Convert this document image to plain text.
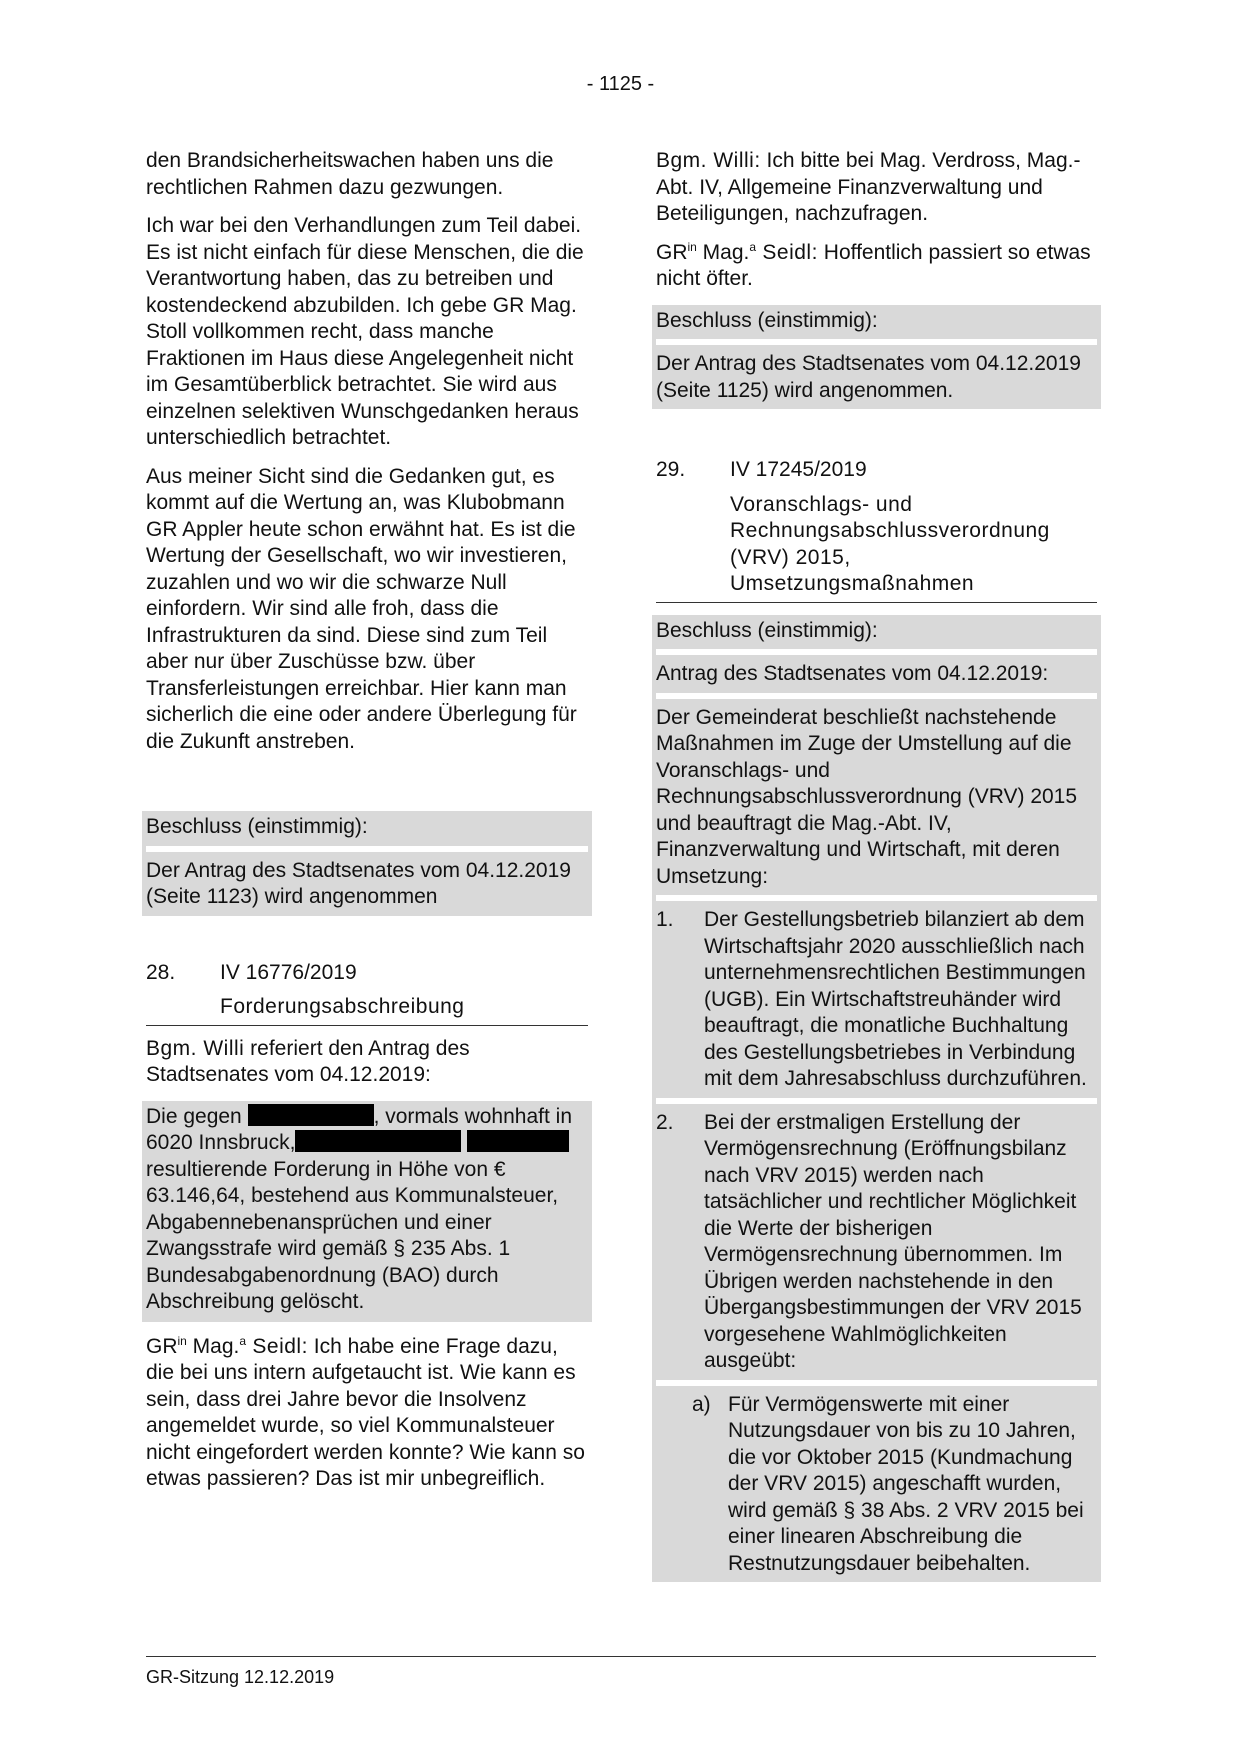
- 1125 -

den Brandsicherheitswachen haben uns die rechtlichen Rahmen dazu gezwungen.

Ich war bei den Verhandlungen zum Teil dabei. Es ist nicht einfach für diese Menschen, die die Verantwortung haben, das zu betreiben und kostendeckend abzubilden. Ich gebe GR Mag. Stoll vollkommen recht, dass manche Fraktionen im Haus diese Angelegenheit nicht im Gesamtüberblick betrachtet. Sie wird aus einzelnen selektiven Wunschgedanken heraus unterschiedlich betrachtet.

Aus meiner Sicht sind die Gedanken gut, es kommt auf die Wertung an, was Klubobmann GR Appler heute schon erwähnt hat. Es ist die Wertung der Gesellschaft, wo wir investieren, zuzahlen und wo wir die schwarze Null einfordern. Wir sind alle froh, dass die Infrastrukturen da sind. Diese sind zum Teil aber nur über Zuschüsse bzw. über Transferleistungen erreichbar. Hier kann man sicherlich die eine oder andere Überlegung für die Zukunft anstreben.

Beschluss (einstimmig):
Der Antrag des Stadtsenates vom 04.12.2019 (Seite 1123) wird angenommen
28.	IV 16776/2019
Forderungsabschreibung

Bgm. Willi referiert den Antrag des Stadtsenates vom 04.12.2019:

Die gegen	, vormals wohnhaft in 6020 Innsbruck,  resultierende Forderung in Höhe von € 63.146,64, bestehend aus Kommunalsteuer, Abgabennebenansprüchen und einer Zwangsstrafe wird gemäß § 235 Abs. 1 Bundesabgabenordnung (BAO) durch Abschreibung gelöscht.

$GR^{in}$ Mag.$^a$ Seidl: Ich habe eine Frage dazu, die bei uns intern aufgetaucht ist. Wie kann es sein, dass drei Jahre bevor die Insolvenz angemeldet wurde, so viel Kommunalsteuer nicht eingefordert werden konnte? Wie kann so etwas passieren? Das ist mir unbegreiflich.

Bgm. Willi: Ich bitte bei Mag. Verdross, Mag.-Abt. IV, Allgemeine Finanzverwaltung und Beteiligungen, nachzufragen.

$GR^{in}$ Mag.$^a$ Seidl: Hoffentlich passiert so etwas nicht öfter.

Beschluss (einstimmig):
Der Antrag des Stadtsenates vom 04.12.2019 (Seite 1125) wird angenommen.
29.	IV 17245/2019
Voranschlags- und Rechnungsabschlussverordnung (VRV) 2015, Umsetzungsmaßnahmen
Beschluss (einstimmig):
Antrag des Stadtsenates vom 04.12.2019:
Der Gemeinderat beschließt nachstehende Maßnahmen im Zuge der Umstellung auf die Voranschlags- und Rechnungsabschlussverordnung (VRV) 2015 und beauftragt die Mag.-Abt. IV, Finanzverwaltung und Wirtschaft, mit deren Umsetzung:
1.	Der Gestellungsbetrieb bilanziert ab dem Wirtschaftsjahr 2020 ausschließlich nach unternehmensrechtlichen Bestimmungen (UGB). Ein Wirtschaftstreuhänder wird beauftragt, die monatliche Buchhaltung des Gestellungsbetriebes in Verbindung mit dem Jahresabschluss durchzuführen.
2.	Bei der erstmaligen Erstellung der Vermögensrechnung (Eröffnungsbilanz nach VRV 2015) werden nach tatsächlicher und rechtlicher Möglichkeit die Werte der bisherigen Vermögensrechnung übernommen. Im Übrigen werden nachstehende in den Übergangsbestimmungen der VRV 2015 vorgesehene Wahlmöglichkeiten ausgeübt:
a) Für Vermögenswerte mit einer Nutzungsdauer von bis zu 10 Jahren, die vor Oktober 2015 (Kundmachung der VRV 2015) angeschafft wurden, wird gemäß § 38 Abs. 2 VRV 2015 bei einer linearen Abschreibung die Restnutzungsdauer beibehalten.
GR-Sitzung 12.12.2019
